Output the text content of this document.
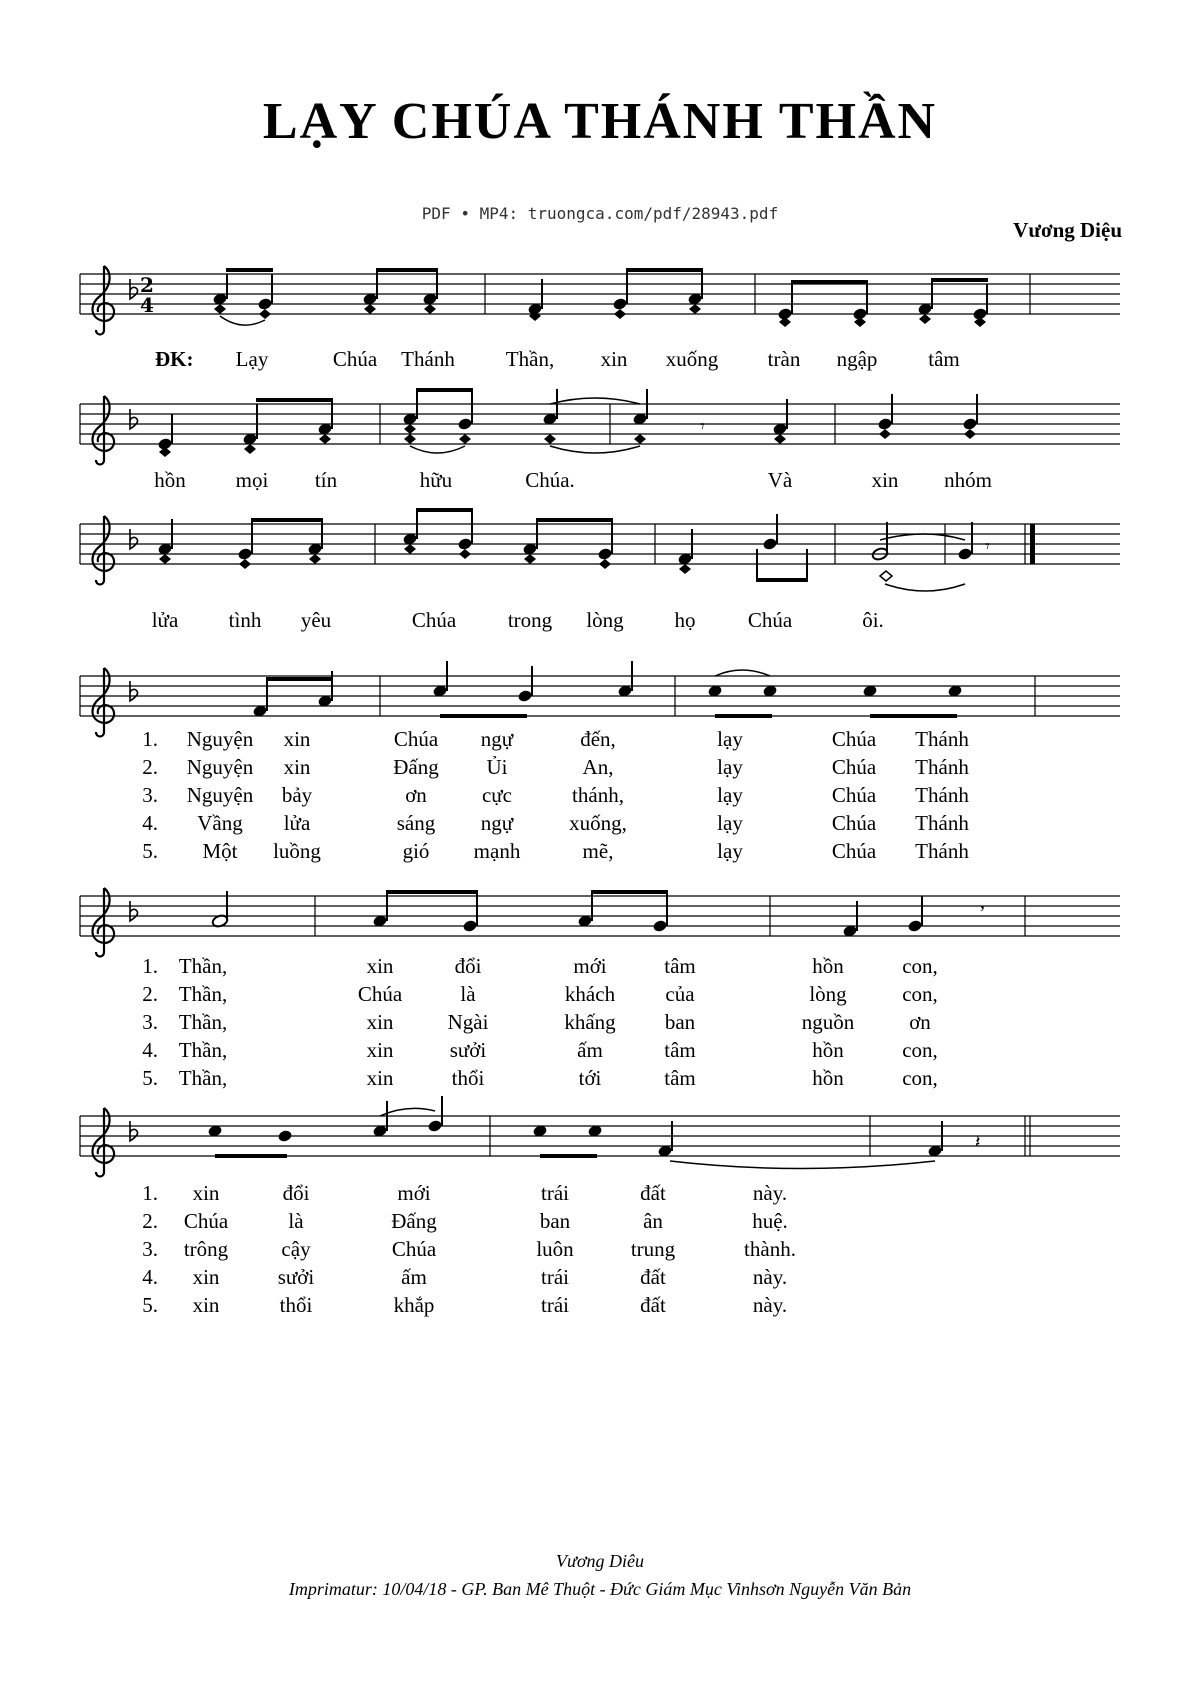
LẠY CHÚA THÁNH THẦN
PDF • MP4: truongca.com/pdf/28943.pdf
Vương Diệu
2
4
𝄾
𝄾
,
𝄽
ĐK: Lạy	Chúa Thánh Thần, xin xuống tràn ngập tâm
hồn mọi tín	hữu	Chúa.	Và	xin nhóm
lửa tình yêu	Chúa trong lòng họ Chúa	ôi.
1. Nguyện xin	Chúa ngự	đến,	lạy	Chúa Thánh
2. Nguyện xin	Đấng Ủi	An,	lạy	Chúa Thánh
3. Nguyện bảy	ơn	cực	thánh,	lạy	Chúa Thánh
4. Vầng lửa	sáng ngự	xuống,	lạy	Chúa Thánh
5. Một luồng	gió mạnh	mẽ,	lạy	Chúa Thánh
1. Thần,	xin	đổi	mới	tâm	hồn	con,
2. Thần,	Chúa	là	khách của	lòng	con,
3. Thần,	xin	Ngài	khấng ban	nguồn	ơn
4. Thần,	xin	sưởi	ấm	tâm	hồn	con,
5. Thần,	xin	thổi	tới	tâm	hồn	con,
1. xin	đổi	mới	trái	đất	này.
2. Chúa	là	Đấng	ban	ân	huệ.
3. trông	cậy	Chúa	luôn	trung	thành.
4. xin	sưởi	ấm	trái	đất	này.
5. xin	thổi	khắp	trái	đất	này.
Vương Diêu
Imprimatur: 10/04/18 - GP. Ban Mê Thuột - Đức Giám Mục Vinhsơn Nguyễn Văn Bản
